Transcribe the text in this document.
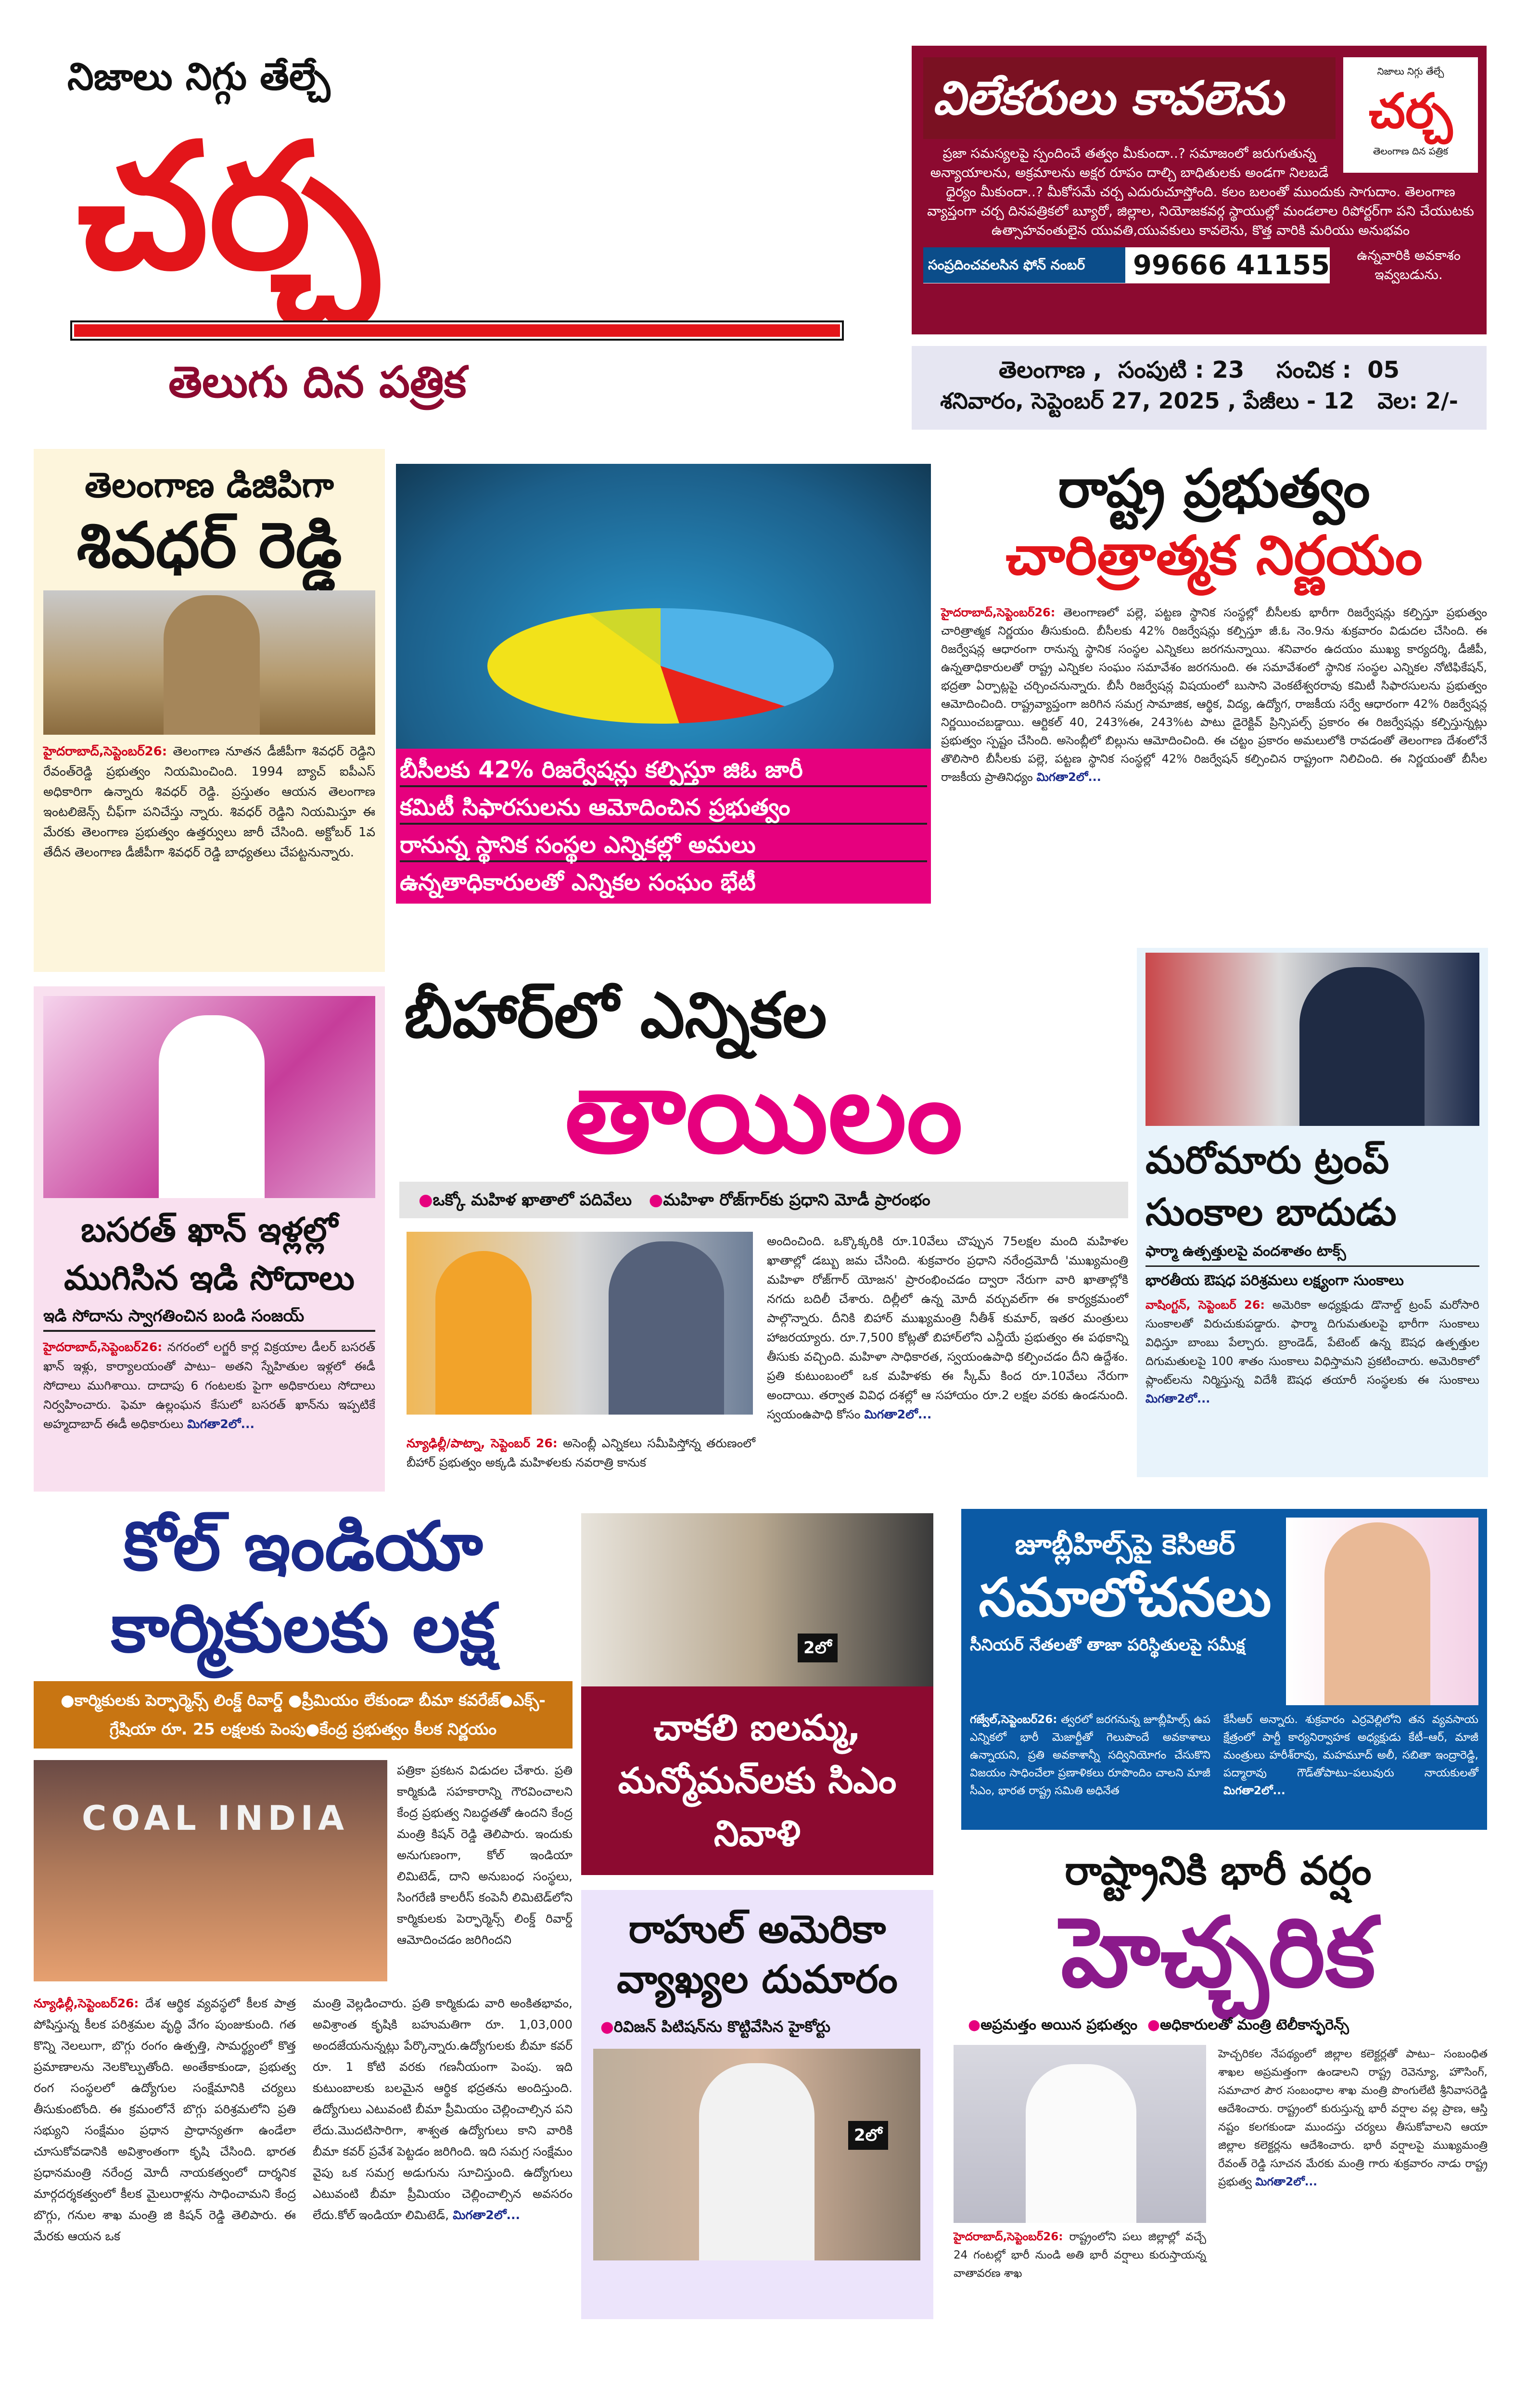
నిజాలు నిగ్గు తేల్చే
చర్చ
తెలుగు దిన పత్రిక
నిజాలు నిగ్గు తేల్చే
చర్చ
తెలంగాణ దిన పత్రిక
విలేకరులు కావలెను
ప్రజా సమస్యలపై స్పందించే తత్వం మీకుందా..? సమాజంలో జరుగుతున్న అన్యాయాలను, అక్రమాలను అక్షర రూపం దాల్చి బాధితులకు అండగా నిలబడే ధైర్యం మీకుందా..? మీకోసమే చర్చ ఎదురుచూస్తోంది. కలం బలంతో ముందుకు సాగుదాం. తెలంగాణ వ్యాప్తంగా చర్చ దినపత్రికలో బ్యూరో, జిల్లాల, నియోజకవర్గ స్థాయుల్లో మండలాల రిపోర్టర్‌గా పని చేయుటకు ఉత్సాహవంతులైన యువతి,యువకులు కావలెను, కొత్త వారికి మరియు అనుభవం
సంప్రదించవలసిన ఫోన్ నంబర్	99666 41155	ఉన్నవారికి అవకాశం ఇవ్వబడును.
తెలంగాణ ,  సంపుటి : 23    సంచిక :  05
శనివారం, సెప్టెంబర్ 27, 2025 , పేజీలు - 12   వెల: 2/-
తెలంగాణ డిజిపిగా
శివధర్ రెడ్డి
హైదరాబాద్,సెప్టెంబర్26: తెలంగాణ నూతన డీజీపీగా శివధర్ రెడ్డిని రేవంత్‌రెడ్డి ప్రభుత్వం నియమించింది. 1994 బ్యాచ్ ఐపీఎస్ అధికారిగా ఉన్నారు శివధర్ రెడ్డి. ప్రస్తుతం ఆయన తెలంగాణ ఇంటలిజెన్స్ చీఫ్‌గా పనిచేస్తు న్నారు. శివధర్ రెడ్డిని నియమిస్తూ ఈ మేరకు తెలంగాణ ప్రభుత్వం ఉత్తర్వులు జారీ చేసింది. అక్టోబర్ 1వ తేదీన తెలంగాణ డీజీపీగా శివధర్ రెడ్డి బాధ్యతలు చేపట్టనున్నారు.
బీసీలకు 42% రిజర్వేషన్లు కల్పిస్తూ జిఓ జారీ
కమిటీ సిఫారసులను ఆమోదించిన ప్రభుత్వం
రానున్న స్థానిక సంస్థల ఎన్నికల్లో అమలు
ఉన్నతాధికారులతో ఎన్నికల సంఘం భేటీ
రాష్ట్ర ప్రభుత్వం
చారిత్రాత్మక నిర్ణయం
హైదరాబాద్,సెప్టెంబర్26: తెలంగాణలో పల్లె, పట్టణ స్థానిక సంస్థల్లో బీసీలకు భారీగా రిజర్వేషన్లు కల్పిస్తూ ప్రభుత్వం చారిత్రాత్మక నిర్ణయం తీసుకుంది. బీసీలకు 42% రిజర్వేషన్లు కల్పిస్తూ జీ.ఓ నెం.9ను శుక్రవారం విడుదల చేసింది. ఈ రిజర్వేషన్ల ఆధారంగా రానున్న స్థానిక సంస్థల ఎన్నికలు జరగనున్నాయి. శనివారం ఉదయం ముఖ్య కార్యదర్శి, డీజీపీ, ఉన్నతాధికారులతో రాష్ట్ర ఎన్నికల సంఘం సమావేశం జరగనుంది. ఈ సమావేశంలో స్థానిక సంస్థల ఎన్నికల నోటిఫికేషన్, భద్రతా ఏర్పాట్లపై చర్చించనున్నారు. బీసీ రిజర్వేషన్ల విషయంలో బుసాని వెంకటేశ్వరరావు కమిటీ సిఫారసులను ప్రభుత్వం ఆమోదించింది. రాష్ట్రవ్యాప్తంగా జరిగిన సమగ్ర సామాజిక, ఆర్థిక, విద్య, ఉద్యోగ, రాజకీయ సర్వే ఆధారంగా 42% రిజర్వేషన్ల నిర్ణయించబడ్డాయి. ఆర్టికల్ 40, 243%ఈ, 243%ట పాటు డైరెక్టివ్ ప్రిన్సిపల్స్ ప్రకారం ఈ రిజర్వేషన్లు కల్పిస్తున్నట్లు ప్రభుత్వం స్పష్టం చేసింది. అసెంబ్లీలో బిల్లును ఆమోదించింది. ఈ చట్టం ప్రకారం అమలులోకి రావడంతో తెలంగాణ దేశంలోనే తొలిసారి బీసీలకు పల్లె, పట్టణ స్థానిక సంస్థల్లో 42% రిజర్వేషన్ కల్పించిన రాష్ట్రంగా నిలిచింది. ఈ నిర్ణయంతో బీసీల రాజకీయ ప్రాతినిధ్యం మిగతా2లో...
బసరత్ ఖాన్ ఇళ్లల్లో
ముగిసిన ఇడి సోదాలు
ఇడి సోదాను స్వాగతించిన బండి సంజయ్
హైదరాబాద్,సెప్టెంబర్26: నగరంలో లగ్జరీ కార్ల విక్రయాల డీలర్ బసరత్ ఖాన్ ఇళ్లు, కార్యాలయంతో పాటు– అతని స్నేహితుల ఇళ్లలో ఈడీ సోదాలు ముగిశాయి. దాదాపు 6 గంటలకు పైగా అధికారులు సోదాలు నిర్వహించారు. ఫెమా ఉల్లంఘన కేసులో బసరత్ ఖాన్‌ను ఇప్పటికే అహ్మదాబాద్ ఈడీ అధికారులు మిగతా2లో...
బీహార్‌లో ఎన్నికల
తాయిలం
●ఒక్కో మహిళ ఖాతాలో పదివేలు ●మహిళా రోజ్‌గార్‌కు ప్రధాని మోడీ ప్రారంభం
న్యూఢిల్లీ/పాట్నా, సెప్టెంబర్ 26: అసెంబ్లీ ఎన్నికలు సమీపిస్తోన్న తరుణంలో బీహార్ ప్రభుత్వం అక్కడి మహిళలకు నవరాత్రి కానుక
అందించింది. ఒక్కొక్కరికి రూ.10వేలు చొప్పున 75లక్షల మంది మహిళల ఖాతాల్లో డబ్బు జమ చేసింది. శుక్రవారం ప్రధాని నరేంద్రమోదీ 'ముఖ్యమంత్రి మహిళా రోజ్‌గార్ యోజన' ప్రారంభించడం ద్వారా నేరుగా వారి ఖాతాల్లోకి నగదు బదిలీ చేశారు. దిల్లీలో ఉన్న మోదీ వర్చువల్‌గా ఈ కార్యక్రమంలో పాల్గొన్నారు. దీనికి బిహార్ ముఖ్యమంత్రి నీతీశ్ కుమార్, ఇతర మంత్రులు హాజరయ్యారు. రూ.7,500 కోట్లతో బిహార్‌లోని ఎన్డీయే ప్రభుత్వం ఈ పథకాన్ని తీసుకు వచ్చింది. మహిళా సాధికారత, స్వయంఉపాధి కల్పించడం దీని ఉద్దేశం. ప్రతి కుటుంబంలో ఒక మహిళకు ఈ స్కీమ్ కింద రూ.10వేలు నేరుగా అందాయి. తర్వాత వివిధ దశల్లో ఆ సహాయం రూ.2 లక్షల వరకు ఉండనుంది. స్వయంఉపాధి కోసం మిగతా2లో...
మరోమారు ట్రంప్
సుంకాల బాదుడు
ఫార్మా ఉత్పత్తులపై వందశాతం టాక్స్
భారతీయ ఔషధ పరిశ్రమలు లక్ష్యంగా సుంకాలు
వాషింగ్టన్, సెప్టెంబర్ 26: అమెరికా అధ్యక్షుడు డొనాల్డ్ ట్రంప్ మరోసారి సుంకాలతో విరుచుకుపడ్డారు. ఫార్మా దిగుమతులపై భారీగా సుంకాలు విధిస్తూ బాంబు పేల్చారు. బ్రాండెడ్, పేటెంట్ ఉన్న ఔషధ ఉత్పత్తుల దిగుమతులపై 100 శాతం సుంకాలు విధిస్తామని ప్రకటించారు. అమెరికాలో ప్లాంట్‌లను నిర్మిస్తున్న విదేశీ ఔషధ తయారీ సంస్థలకు ఈ సుంకాలు మిగతా2లో...
కోల్ ఇండియా
కార్మికులకు లక్ష
●కార్మికులకు పెర్ఫార్మెన్స్ లింక్డ్ రివార్డ్ ●ప్రీమియం లేకుండా బీమా కవరేజ్●ఎక్స్-గ్రేషియా రూ. 25 లక్షలకు పెంపు●కేంద్ర ప్రభుత్వం కీలక నిర్ణయం
COAL INDIA
పత్రికా ప్రకటన విడుదల చేశారు. ప్రతి కార్మికుడి సహకారాన్ని గౌరవించాలని కేంద్ర ప్రభుత్వ నిబద్ధతతో ఉందని కేంద్ర మంత్రి కిషన్ రెడ్డి తెలిపారు. ఇందుకు అనుగుణంగా, కోల్ ఇండియా లిమిటెడ్, దాని అనుబంధ సంస్థలు, సింగరేణి కాలరీస్ కంపెనీ లిమిటెడ్‌లోని కార్మికులకు పెర్ఫార్మెన్స్ లింక్డ్ రివార్డ్ ఆమోదించడం జరిగిందని
న్యూఢిల్లీ,సెప్టెంబర్26: దేశ ఆర్థిక వ్యవస్థలో కీలక పాత్ర పోషిస్తున్న కీలక పరిశ్రమల వృద్ధి వేగం పుంజుకుంది. గత కొన్ని నెలలుగా, బొగ్గు రంగం ఉత్పత్తి, సామర్థ్యంలో కొత్త ప్రమాణాలను నెలకొల్పుతోంది. అంతేకాకుండా, ప్రభుత్వ రంగ సంస్థలలో ఉద్యోగుల సంక్షేమానికి చర్యలు తీసుకుంటోంది. ఈ క్రమంలోనే బొగ్గు పరిశ్రమలోని ప్రతి సభ్యుని సంక్షేమం ప్రధాన ప్రాధాన్యతగా ఉండేలా చూసుకోవడానికి అవిశ్రాంతంగా కృషి చేసింది. భారత ప్రధానమంత్రి నరేంద్ర మోదీ నాయకత్వంలో దార్శనిక మార్గదర్శకత్వంలో కీలక మైలురాళ్లను సాధించామని కేంద్ర బొగ్గు, గనుల శాఖ మంత్రి జి కిషన్ రెడ్డి తెలిపారు. ఈ మేరకు ఆయన ఒక
మంత్రి వెల్లడించారు. ప్రతి కార్మికుడు వారి అంకితభావం, అవిశ్రాంత కృషికి బహుమతిగా రూ. 1,03,000 అందజేయనున్నట్లు పేర్కొన్నారు.ఉద్యోగులకు బీమా కవర్ రూ. 1 కోటి వరకు గణనీయంగా పెంపు. ఇది కుటుంబాలకు బలమైన ఆర్థిక భద్రతను అందిస్తుంది. ఉద్యోగులు ఎటువంటి బీమా ప్రీమియం చెల్లించాల్సిన పని లేదు.మొదటిసారిగా, శాశ్వత ఉద్యోగులు కాని వారికి బీమా కవర్ ప్రవేశ పెట్టడం జరిగింది. ఇది సమగ్ర సంక్షేమం వైపు ఒక సమగ్ర అడుగును సూచిస్తుంది. ఉద్యోగులు ఎటువంటి బీమా ప్రీమియం చెల్లించాల్సిన అవసరం లేదు.కోల్ ఇండియా లిమిటెడ్, మిగతా2లో...
2లో
చాకలి ఐలమ్మ, మన్మోమన్‌లకు సిఎం నివాళి
రాహుల్ అమెరికా
వ్యాఖ్యల దుమారం
●రివిజన్ పిటిషన్‌ను కొట్టివేసిన హైకోర్టు
2లో
జూబ్లీహిల్స్‌పై కెసిఆర్
సమాలోచనలు
సీనియర్ నేతలతో తాజా పరిస్థితులపై సమీక్ష
గజ్వేల్,సెప్టెంబర్26: త్వరలో జరగనున్న జూబ్లీహిల్స్ ఉప ఎన్నికలో భారీ మెజార్టీతో గెలుపొందే అవకాశాలు ఉన్నాయని, ప్రతి అవకాశాన్నీ సద్వినియోగం చేసుకొని విజయం సాధించేలా ప్రణాళికలు రూపొందిం చాలని మాజీ సీఎం, భారత రాష్ట్ర సమితి అధినేత
కేసీఆర్ అన్నారు. శుక్రవారం ఎర్రవెల్లిలోని తన వ్యవసాయ క్షేత్రంలో పార్టీ కార్యనిర్వాహక అధ్యక్షుడు కేటీ–ఆర్, మాజీ మంత్రులు హరీశ్‌రావు, మహమూద్ అలీ, సబితా ఇంద్రారెడ్డి, పద్మారావు గౌడ్‌తోపాటు–పలువురు నాయకులతో మిగతా2లో...
రాష్ట్రానికి భారీ వర్షం
హెచ్చరిక
●అప్రమత్తం అయిన ప్రభుత్వం ●అధికారులతో మంత్రి టెలీకాన్ఫరెన్స్
హైదరాబాద్,సెప్టెంబర్26: రాష్ట్రంలోని పలు జిల్లాల్లో వచ్చే 24 గంటల్లో భారీ నుండి అతి భారీ వర్షాలు కురుస్తాయన్న వాతావరణ శాఖ
హెచ్చరికల నేపథ్యంలో జిల్లాల కలెక్టర్లతో పాటు– సంబంధిత శాఖల అప్రమత్తంగా ఉండాలని రాష్ట్ర రెవెన్యూ, హౌసింగ్, సమాచార పౌర సంబంధాల శాఖ మంత్రి పొంగులేటి శ్రీనివాసరెడ్డి ఆదేశించారు. రాష్ట్రంలో కురుస్తున్న భారీ వర్షాల వల్ల ప్రాణ, ఆస్తి నష్టం కలగకుండా ముందస్తు చర్యలు తీసుకోవాలని ఆయా జిల్లాల కలెక్టర్లను ఆదేశించారు. భారీ వర్షాలపై ముఖ్యమంత్రి రేవంత్ రెడ్డి సూచన మేరకు మంత్రి గారు శుక్రవారం నాడు రాష్ట్ర ప్రభుత్వ మిగతా2లో...
